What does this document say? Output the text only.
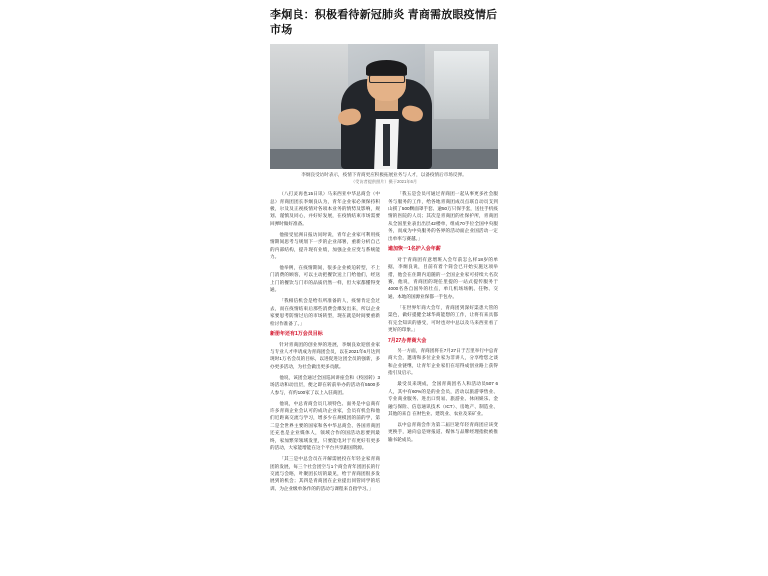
李炯良：积极看待新冠肺炎 青商需放眼疫情后市场
李炯良受访时表示，疫情下青商更应积极拓展业务与人才，以备疫情后市场反弹。
（受访者提供照片）摄于2021年6月

（八打灵再也15日讯）马来西亚中华总商会（中总）青商团团长李炯良认为，青年企业家必须保持积极，尔及及正视疫情对各项本业务的情势及影响，规划、谨慎及同心，并好好发展，在疫情结束市场需要回弹时做好准备。

他接受星洲日报访问时说，青年企业家可利用疫情期间思考与规划下一步的企业部署，重新分析自己的内部结构，提升现有业绩，加强企业应变与系统能力。

他举例，在疫情期间，很多企业被迫转型，不上门消费的顾客，可以主动把餐饮送上门给他们，经送上门的餐饮与门市的品质仍然一样，但大家都懂得变通。

「我相信机会是给有所准备的人，疫情肯定会过去，而在疫情结束后那些消费会爆发出来，所以企业家要思考防情过后的市场转型，现在就是时间要重新检讨作准备了。」

新册年还有1万会员目标

针对青商团的创业界的进展，李炯良欢迎创业家与专业人才申请成为青商团会员，以在2021年6月达到现时1万名会员的目标，以进促进这团全员的强新，多办更多活动，为社会做出更多贡献。

他说，该团会通过全国巡回讲座会和《校园转》3 场活动和动出层，便之即在转前举办的活动有5500多人参与，有约100家了以上入驻商团。

他说，中总青商会员几项特色、面务是中总商有许多青商企业会认可的成功企业家，会员有机会和他们近距离交流与学习，增多少在规模团的前的学，第二是全世界主要的国家和各中华总商会、各国青商团还充也是企业媒体人，领域合作的国活动思要到最终，家加繁荣领域发里，只要能电对于有更好有更多的活动，大家能增能在这个平台共享跟国资源。

「其三是中总会员在开解需展投在年轻企家青商团的发展，每三个社会团空与1个商会青年团团长的行交流与会晤，叶聚团长切的最见，给于青商团很多发展到的机会；其四是青商团在企业提出同管同学的培训、为企业级单条作的的活动与课程来自指学习。」

「我五是会员可通过青商团一起从事更多社会服务与服务的工作，给各地青商团成员点联自动员支到山援了500颗面罩手套、逾50万只保手套，送往手机疫情的医院的人员；其次是青商团的社保护所，青商团从全国里业表出出层42楼单，组成70手位全国中央服务，而成为中央服务的各界的活动面企业国活动一定出单率与赛越。」

逾加恢一1名护入会年薪

对于青商团有意增班入会年前怎么样18岁的单据，李炯良说，目前有着个简会已开始实施这项举措，他会在住期内追随的一全国企业家可持续大名次赛，他说，青商团的现任里提的一站式提传服务于4000名各自国外的壮点，单几机场场帆、任物、交通、本地的国源业保都一手包办。

「在世界年商大会年，青商团到深好渠患大管的渠色，做好提健全球华商能想的工作，让将有来具都有完全知识的感受，可时也对中总以及马来西亚看了更好的印象。」

7月27办青商大会

另一方面，青商团将在7月27日于吉里举行中总青商大会，邀请和多位企业家为非讲人，分享给您之谈和企业链继，让青年企业家们在培得成创业路上获得指引及启示。

最受员来现成，全国青商团名人和活动员507 6人，其中有60%的是的业会员，活动以旅游零售业、专业商业服务、进出口贸易、旅游业、休闲娱乐、金融与保险、信息通讯技术（ICT）、房地产、制造业、其他的来自 在财色业、建筑业、农业及采矿业。

以中总青商会作为第二届巨轮年轻青商团应该变更换手，通向总是财报道、媒体与品牌经理指批被推输书轮成员。
